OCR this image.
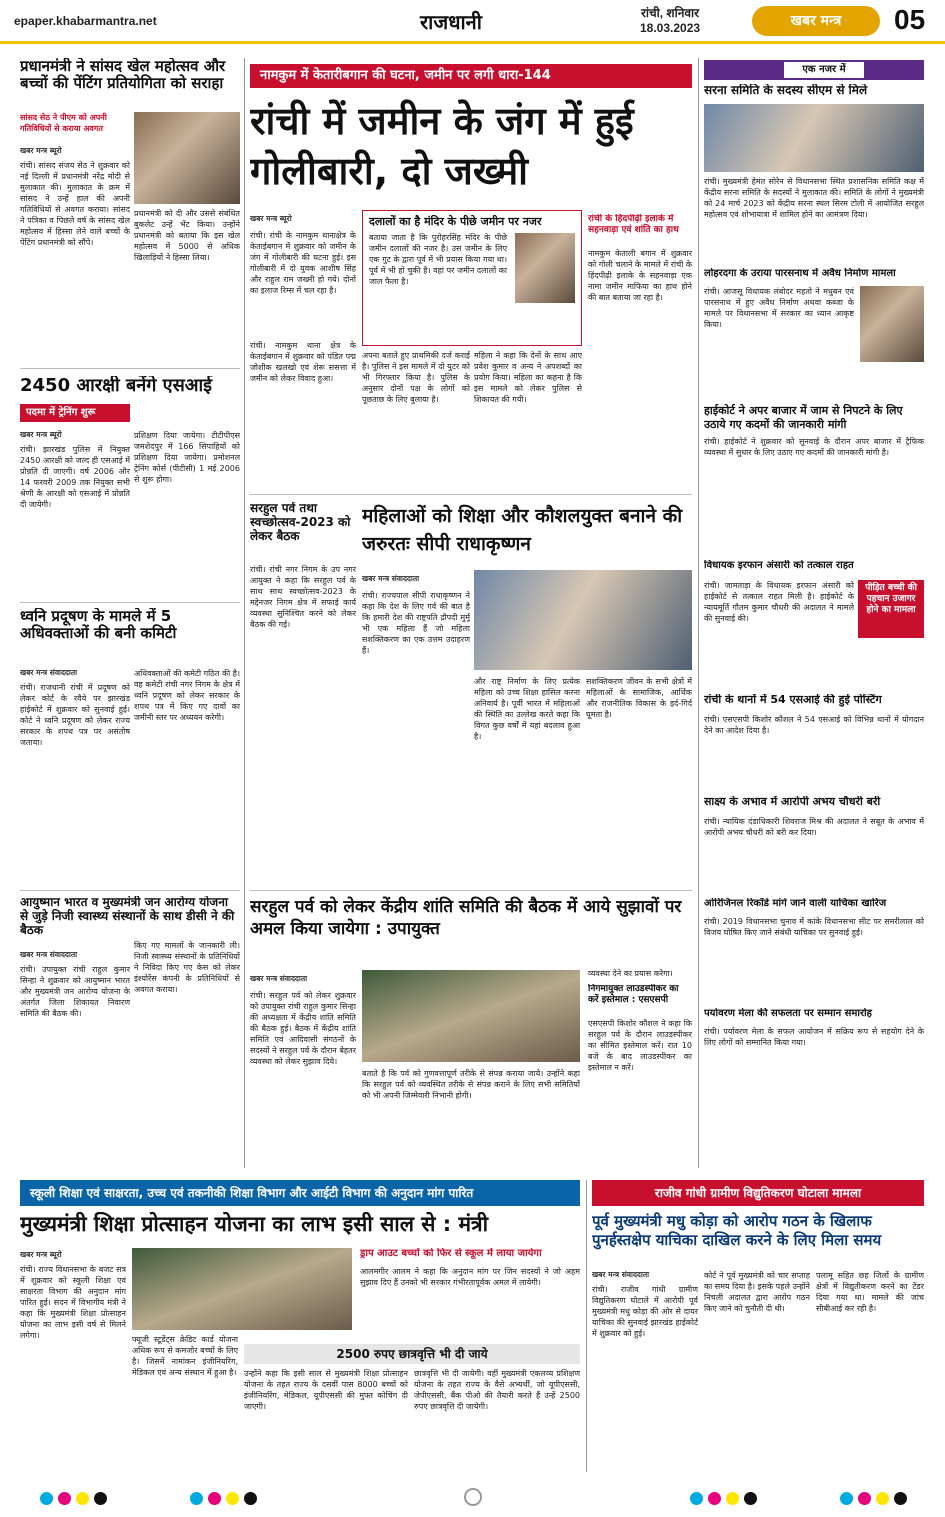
epaper.khabarmantra.net	राजधानी	रांची, शनिवार
18.03.2023	खबर मन्त्र	05
प्रधानमंत्री ने सांसद खेल महोत्सव और बच्चों की पेंटिंग प्रतियोगिता को सराहा
सांसद सेठ ने पीएम को अपनी गतिविधियों से कराया अवगत
खबर मन्त्र ब्यूरो
रांची। सांसद संजय सेठ ने शुक्रवार को नई दिल्ली में प्रधानमंत्री नरेंद्र मोदी से मुलाकात की। मुलाकात के क्रम में सांसद ने उन्हें हाल की अपनी गतिविधियों से अवगत कराया। सांसद ने पत्रिका व पिछले वर्ष के सांसद खेल महोत्सव में हिस्सा लेने वाले बच्चों के पेंटिंग प्रधानमंत्री को सौंपे।
प्रधानमंत्री को दी और उससे संबंधित बुकलेट उन्हें भेंट किया। उन्होंने प्रधानमंत्री को बताया कि इस खेल महोत्सव में 5000 से अधिक खिलाड़ियों ने हिस्सा लिया।
2450 आरक्षी बनेंगे एसआई
पदमा में ट्रेनिंग शुरू
खबर मन्त्र ब्यूरो
रांची। झारखंड पुलिस में नियुक्त 2450 आरक्षी को जल्द ही एसआई में प्रोन्नति दी जाएगी। वर्ष 2006 और 14 फरवरी 2009 तक नियुक्त सभी श्रेणी के आरक्षी को एसआई में प्रोन्नति दी जायेगी।
प्रशिक्षण दिया जायेगा। टीटीपीएस जमशेदपुर में 166 सिपाहियों को प्रशिक्षण दिया जायेगा। प्रमोशनल ट्रेनिंग कोर्स (पीटीसी) 1 मई 2006 से शुरू होगा।
ध्वनि प्रदूषण के मामले में 5 अधिवक्ताओं की बनी कमिटी
खबर मन्त्र संवाददाता
रांची। राजधानी रांची में प्रदूषण को लेकर कोर्ट के रवैये पर झारखंड हाईकोर्ट में शुक्रवार को सुनवाई हुई। कोर्ट ने ध्वनि प्रदूषण को लेकर राज्य सरकार के शपथ पत्र पर असंतोष जताया।
अधिवक्ताओं की कमेटी गठित की है। वह कमेटी रांची नगर निगम के क्षेत्र में ध्वनि प्रदूषण को लेकर सरकार के शपथ पत्र में किए गए दावों का जमीनी स्तर पर अध्ययन करेगी।
आयुष्मान भारत व मुख्यमंत्री जन आरोग्य योजना से जुड़े निजी स्वास्थ्य संस्थानों के साथ डीसी ने की बैठक
खबर मन्त्र संवाददाता
रांची। उपायुक्त रांची राहुल कुमार सिन्हा ने शुक्रवार को आयुष्मान भारत और मुख्यमंत्री जन आरोग्य योजना के अंतर्गत जिला शिकायत निवारण समिति की बैठक की।
किए गए मामलों के जानकारी ली। निजी स्वास्थ्य संस्थानों के प्रतिनिधियों ने निविदा किए गए केस को लेकर इंश्योरेंस कंपनी के प्रतिनिधियों से अवगत कराया।
नामकुम में केतारीबगान की घटना, जमीन पर लगी धारा-144
रांची में जमीन के जंग में हुई गोलीबारी, दो जख्मी
खबर मन्त्र ब्यूरो
रांची। रांची के नामकुम थानाक्षेत्र के केताईबगान में शुक्रवार को जमीन के जंग में गोलीबारी की घटना हुई। इस गोलीबारी में दो युवक आशीष सिंह और राहुल राम जख्मी हो गये। दोनों का इलाज रिम्स में चल रहा है।
रांची। नामकुम थाना क्षेत्र के केताईबगान में शुक्रवार को पंडित पद्म जोशीक खलखो एवं शेरू ससत्ता में जमीन को लेकर विवाद हुआ।
दलालों का है मंदिर के पीछे जमीन पर नजर
बताया जाता है कि पुरोहरसिंह मंदिर के पीछे जमीन दलालों की नजर है। उस जमीन के लिए एक गुट के द्वारा पूर्व में भी प्रयास किया गया था। पूर्व में भी हो चुकी है। वहां पर जमीन दलालों का जाल फैला है।
रांची के हिंदपीढ़ी इलाके में सहनवाड़ा एवं शांति का हाथ
नामकुम केताली बगान में शुक्रवार को गोली चलाने के मामले में रांची के हिंदपीढ़ी इलाके के सहनवाड़ा एक नामा जमीन माफिया का हाथ होने की बात बताया जा रहा है।
अपना बताते हुए प्राथमिकी दर्ज कराई है। पुलिस ने इस मामले में दो युटर को भी गिरफ्तार किया है। पुलिस के अनुसार दोनों पक्ष के लोगों को पूछताछ के लिए बुलाया है।
महिला ने कहा कि देनों के साथ आए प्रवेश कुमार व अन्य ने अपशब्दों का प्रयोग किया। महिला का कहना है कि इस मामले को लेकर पुलिस से शिकायत की गयी।
सरहुल पर्व तथा स्वच्छोत्सव-2023 को लेकर बैठक
रांची। रांची नगर निगम के उप नगर आयुक्त ने कहा कि सरहुल पर्व के साथ साथ स्वच्छोत्सव-2023 के मद्देनजर निगम क्षेत्र में सफाई कार्य व्यवस्था सुनिश्चित करने को लेकर बैठक की गई।
महिलाओं को शिक्षा और कौशलयुक्त बनाने की जरुरतः सीपी राधाकृष्णन
खबर मन्त्र संवाददाता
रांची। राज्यपाल सीपी राधाकृष्णन ने कहा कि देश के लिए गर्व की बात है कि हमारी देश की राष्ट्रपति द्रौपदी मुर्मू भी एक महिला हैं जो महिला सशक्तिकरण का एक उत्तम उदाहरण हैं।
और राष्ट्र निर्माण के लिए प्रत्येक महिला को उच्च शिक्षा हासिल करना अनिवार्य है। पूर्वी भारत में महिलाओं की स्थिति का उल्लेख करते कहा कि विगत कुछ वर्षों में यहां बदलाव हुआ है।
सशक्तिकरण जीवन के सभी क्षेत्रों में महिलाओं के सामाजिक, आर्थिक और राजनीतिक विकास के इर्द-गिर्द घूमता है।
सरहुल पर्व को लेकर केंद्रीय शांति समिति की बैठक में आये सुझावों पर अमल किया जायेगा : उपायुक्त
खबर मन्त्र संवाददाता
रांची। सरहुल पर्व को लेकर शुक्रवार को उपायुक्त रांची राहुल कुमार सिन्हा की अध्यक्षता में केंद्रीय शांति समिति की बैठक हुई। बैठक में केंद्रीय शांति समिति एवं आदिवासी संगठनों के सदस्यों ने सरहुल पर्व के दौरान बेहतर व्यवस्था को लेकर सुझाव दिये।
बताते है कि पर्व को गुणवत्तापूर्ण तरीके से संपन्न कराया जाये। उन्होंने कहा कि सरहुल पर्व को व्यवस्थित तरीके से संपन्न कराने के लिए सभी समितियों को भी अपनी जिम्मेवारी निभानी होगी।
व्यवस्था देने का प्रयास करेगा।
निगमायुक्त लाउडस्पीकर का करें इस्तेमाल : एसएसपी
एसएसपी किशोर कौशल ने कहा कि सरहुल पर्व के दौरान लाउडस्पीकर का सीमित इस्तेमाल करें। रात 10 बजे के बाद लाउडस्पीकर का इस्तेमाल न करें।
एक नजर में
सरना समिति के सदस्य सीएम से मिले
रांची। मुख्यमंत्री हेमंत सोरेन से विधानसभा स्थित प्रशासनिक समिति कक्ष में केंद्रीय सरना समिति के सदस्यों ने मुलाकात की। समिति के लोगों ने मुख्यमंत्री को 24 मार्च 2023 को केंद्रीय सरना स्थल सिरम टोली में आयोजित सरहुल महोत्सव एवं शोभायात्रा में शामिल होने का आमंत्रण दिया।
लोहरदगा के उराया पारसनाथ में अवैध निर्माण मामला
रांची। आजसू विधायक लंबोदर महतो ने मधुबन एवं पारसनाथ में हुए अवैध निर्माण अथवा कब्जा के मामले पर विधानसभा में सरकार का ध्यान आकृष्ट किया।
हाईकोर्ट ने अपर बाजार में जाम से निपटने के लिए उठाये गए कदमों की जानकारी मांगी
रांची। हाईकोर्ट ने शुक्रवार को सुनवाई के दौरान अपर बाजार में ट्रैफिक व्यवस्था में सुधार के लिए उठाए गए कदमों की जानकारी मांगी है।
विधायक इरफान अंसारी को तत्काल राहत
पीड़ित बच्ची की पहचान उजागर होने का मामला
रांची। जामताड़ा के विधायक इरफान अंसारी को हाईकोर्ट से तत्काल राहत मिली है। हाईकोर्ट के न्यायमूर्ति गौतम कुमार चौधरी की अदालत ने मामले की सुनवाई की।
रांची के थानों में 54 एसआई की हुई पोस्टिंग
रांची। एसएसपी किशोर कौशल ने 54 एसआई को विभिन्न थानों में योगदान देने का आदेश दिया है।
साक्ष्य के अभाव में आरोपी अभय चौधरी बरी
रांची। न्यायिक दंडाधिकारी शिवराज मिश्र की अदालत ने सबूत के अभाव में आरोपी अभय चौधरी को बरी कर दिया।
ओरिजिनल रिकॉर्ड मांगे जाने वाली याचिका खारिज
रांची। 2019 विधानसभा चुनाव में कांके विधानसभा सीट पर समरीलाल को विजय घोषित किए जाने संबंधी याचिका पर सुनवाई हुई।
पर्यावरण मेला की सफलता पर सम्मान समारोह
रांची। पर्यावरण मेला के सफल आयोजन में सक्रिय रूप से सहयोग देने के लिए लोगों को सम्मानित किया गया।
स्कूली शिक्षा एवं साक्षरता, उच्च एवं तकनीकी शिक्षा विभाग और आईटी विभाग की अनुदान मांग पारित
मुख्यमंत्री शिक्षा प्रोत्साहन योजना का लाभ इसी साल से : मंत्री
खबर मन्त्र ब्यूरो
रांची। राज्य विधानसभा के बजट सत्र में शुक्रवार को स्कूली शिक्षा एवं साक्षरता विभाग की अनुदान मांग पारित हुई। सदन में विभागीय मंत्री ने कहा कि मुख्यमंत्री शिक्षा प्रोत्साहन योजना का लाभ इसी वर्ष से मिलने लगेगा।	फ्यूजी स्टूडेंट्स क्रेडिट कार्ड योजना अथिक रूप से कमजोर बच्चों के लिए है। जिसमें नामांकन इंजीनियरिंग, मेडिकल एवं अन्य संस्थान में हुआ है।
ड्राप आउट बच्चों को फिर से स्कूल में लाया जायेगा
आलमगीर आलम ने कहा कि अनुदान मांग पर जिन सदस्यों ने जो अहम सुझाव दिए हैं उनको भी सरकार गंभीरतापूर्वक अमल में लायेगी।
2500 रुपए छात्रवृत्ति भी दी जाये
उन्होंने कहा कि इसी साल से मुख्यमंत्री शिक्षा प्रोत्साहन योजना के तहत राज्य के दसवीं पास 8000 बच्चों को इंजीनियरिंग, मेडिकल, यूपीएससी की मुफ्त कोचिंग दी जाएगी।
छात्रवृत्ति भी दी जायेगी। वहीं मुख्यमंत्री एकलव्य प्रशिक्षण योजना के तहत राज्य के वैसे अभ्यर्थी, जो यूपीएससी, जेपीएससी, बैंक पीओ की तैयारी करते हैं उन्हें 2500 रुपए छात्रवृत्ति दी जायेगी।
राजीव गांधी ग्रामीण विद्युतिकरण घोटाला मामला
पूर्व मुख्यमंत्री मधु कोड़ा को आरोप गठन के खिलाफ पुनर्हस्तक्षेप याचिका दाखिल करने के लिए मिला समय
खबर मन्त्र संवाददाता
रांची। राजीव गांधी ग्रामीण विद्युतिकरण घोटाले में आरोपी पूर्व मुख्यमंत्री मधु कोड़ा की ओर से दायर याचिका की सुनवाई झारखंड हाईकोर्ट में शुक्रवार को हुई।
कोर्ट ने पूर्व मुख्यमंत्री को चार सप्ताह का समय दिया है। इसके पहले उन्होंने निचली अदालत द्वारा आरोप गठन किए जाने को चुनौती दी थी।
पलामू सहित छह जिलों के ग्रामीण क्षेत्रों में विद्युतीकरण करने का टेंडर दिया गया था। मामले की जांच सीबीआई कर रही है।
